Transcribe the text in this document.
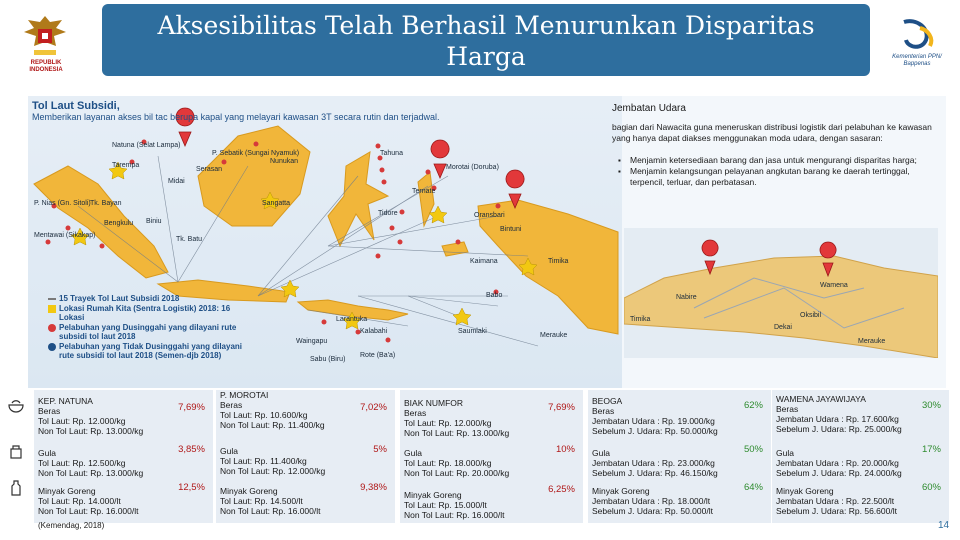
REPUBLIK INDONESIA
Aksesibilitas Telah Berhasil Menurunkan Disparitas
Harga	Kementerian PPN/ Bappenas
Tol Laut Subsidi,
Memberikan layanan akses bil tac berupa kapal yang melayari kawasan 3T secara rutin dan terjadwal.
Natuna (Selat Lampa)
Tarempa
Midai
Serasan
P. Sebatik (Sungai Nyamuk)
Nunukan
Morotai (Doruba)
Tahuna
Sangatta
Tidore
Ternate
P. Nias (Gn. Sitoli)
Mentawai (Sikakap)
Tk. Bayan
Bengkulu Biniu
Tk. Batu
Oransbari
Bintuni
Kaimana	Timika
Babo
Saumlaki
Merauke
Kalabahi
Rote (Ba'a)
Sabu (Biru)
Larantuka
Waingapu
15 Trayek Tol Laut Subsidi 2018
Lokasi Rumah Kita (Sentra Logistik) 2018: 16 Lokasi
Pelabuhan yang Dusinggahi yang dilayani rute subsidi tol laut 2018
Pelabuhan yang Tidak Dusinggahi yang dilayani rute subsidi tol laut 2018 (Semen-djb 2018)
Jembatan Udara
bagian dari Nawacita guna meneruskan distribusi logistik dari pelabuhan ke kawasan yang hanya dapat diakses menggunakan moda udara, dengan sasaran:
▪ Menjamin ketersediaan barang dan jasa untuk mengurangi disparitas harga;
▪ Menjamin kelangsungan pelayanan angkutan barang ke daerah tertinggal, terpencil, terluar, dan perbatasan.
Timika
Wamena
Nabire
Dekai
Oksibil
Merauke
KEP. NATUNA
Beras
Tol Laut: Rp. 12.000/kg
Non Tol Laut: Rp. 13.000/kg
7,69%
Gula
Tol Laut: Rp. 12.500/kg
Non Tol Laut: Rp. 13.000/kg
3,85%
Minyak Goreng
Tol Laut: Rp. 14.000/lt
Non Tol Laut: Rp. 16.000/lt
12,5%
P. MOROTAI
Beras
Tol Laut: Rp. 10.600/kg
Non Tol Laut: Rp. 11.400/kg
7,02%
Gula
Tol Laut: Rp. 11.400/kg
Non Tol Laut: Rp. 12.000/kg
5%
Minyak Goreng
Tol Laut: Rp. 14.500/lt
Non Tol Laut: Rp. 16.000/lt
9,38%
BIAK NUMFOR
Beras
Tol Laut: Rp. 12.000/kg
Non Tol Laut: Rp. 13.000/kg
7,69%
Gula
Tol Laut: Rp. 18.000/kg
Non Tol Laut: Rp. 20.000/kg
10%
Minyak Goreng
Tol Laut: Rp. 15.000/lt
Non Tol Laut: Rp. 16.000/lt
6,25%
BEOGA
Beras
Jembatan Udara : Rp. 19.000/kg
Sebelum J. Udara: Rp. 50.000/kg
62%
Gula
Jembatan Udara : Rp. 23.000/kg
Sebelum J. Udara: Rp. 46.150/kg
50%
Minyak Goreng
Jembatan Udara : Rp. 18.000/lt
Sebelum J. Udara: Rp. 50.000/lt
64%
WAMENA JAYAWIJAYA
Beras
Jembatan Udara : Rp. 17.600/kg
Sebelum J. Udara: Rp. 25.000/kg
30%
Gula
Jembatan Udara : Rp. 20.000/kg
Sebelum J. Udara: Rp. 24.000/kg
17%
Minyak Goreng
Jembatan Udara : Rp. 22.500/lt
Sebelum J. Udara: Rp. 56.600/lt
60%
(Kemendag, 2018)	14
